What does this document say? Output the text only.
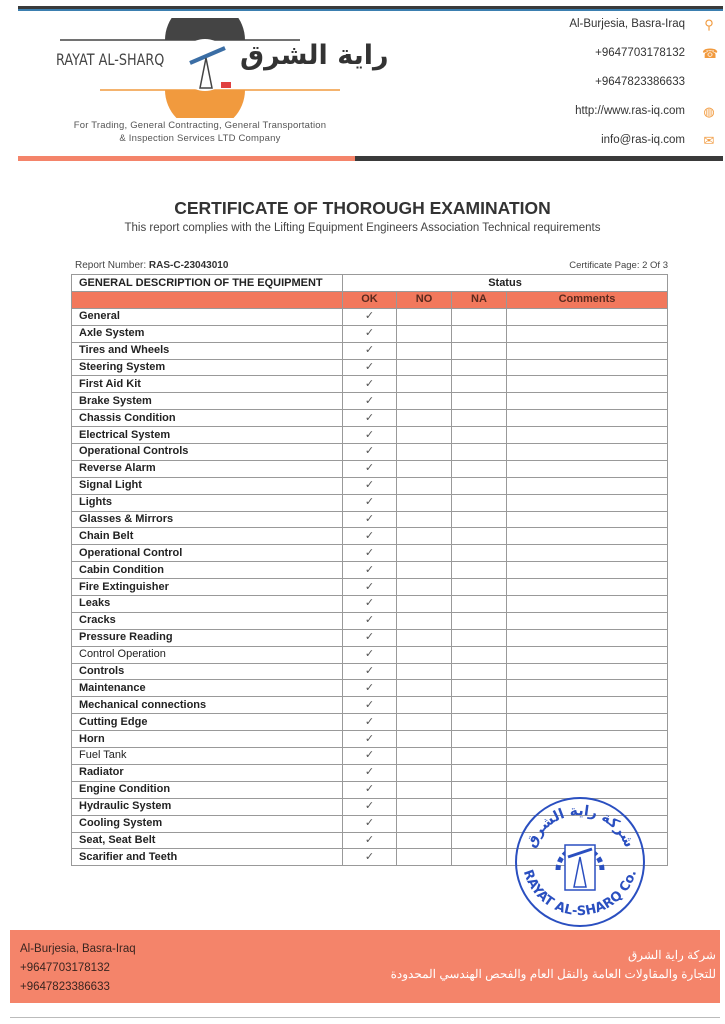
RAYAT AL-SHARQ	راية الشرق
For Trading, General Contracting, General Transportation
& Inspection Services LTD Company
Al-Burjesia, Basra-Iraq ⚲
+9647703178132 ☎
+9647823386633
http://www.ras-iq.com ◍
info@ras-iq.com ✉
CERTIFICATE OF THOROUGH EXAMINATION
This report complies with the Lifting Equipment Engineers Association Technical requirements
Report Number: RAS-C-23043010	Certificate Page: 2 Of 3
GENERAL DESCRIPTION OF THE EQUIPMENT	Status			
	OK	NO	NA	Comments
General	✓			
Axle System	✓			
Tires and Wheels	✓			
Steering System	✓			
First Aid Kit	✓			
Brake System	✓			
Chassis Condition	✓			
Electrical System	✓			
Operational Controls	✓			
Reverse Alarm	✓			
Signal Light	✓			
Lights	✓			
Glasses & Mirrors	✓			
Chain Belt	✓			
Operational Control	✓			
Cabin Condition	✓			
Fire Extinguisher	✓			
Leaks	✓			
Cracks	✓			
Pressure Reading	✓			
Control Operation	✓			
Controls	✓			
Maintenance	✓			
Mechanical connections	✓			
Cutting Edge	✓			
Horn	✓			
Fuel Tank	✓			
Radiator	✓			
Engine Condition	✓			
Hydraulic System	✓			
Cooling System	✓			
Seat, Seat Belt	✓			
Scarifier and Teeth	✓			
شركة راية الشرق
RAYAT AL-SHARQ Co.
Al-Burjesia, Basra-Iraq
+9647703178132
+9647823386633
شركة راية الشرق
للتجارة والمقاولات العامة والنقل العام والفحص الهندسي المحدودة
